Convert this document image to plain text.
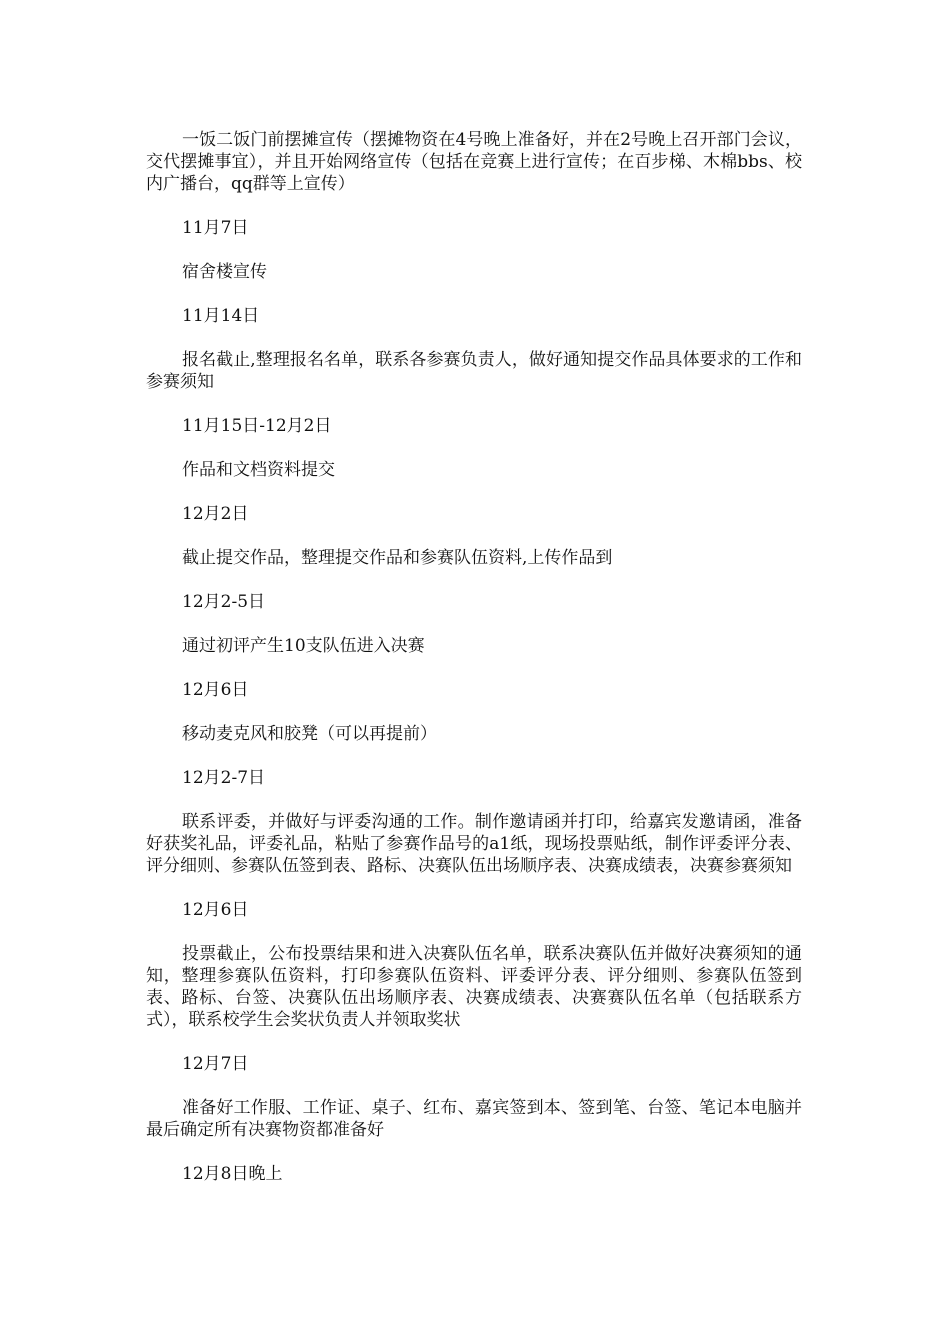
一饭二饭门前摆摊宣传（摆摊物资在4号晚上准备好，并在2号晚上召开部门会议，交代摆摊事宜），并且开始网络宣传（包括在竞赛上进行宣传；在百步梯、木棉bbs、校内广播台，qq群等上宣传）

11月7日

宿舍楼宣传

11月14日

报名截止,整理报名名单，联系各参赛负责人，做好通知提交作品具体要求的工作和参赛须知

11月15日-12月2日

作品和文档资料提交

12月2日

截止提交作品，整理提交作品和参赛队伍资料,上传作品到

12月2-5日

通过初评产生10支队伍进入决赛

12月6日

移动麦克风和胶凳（可以再提前）

12月2-7日

联系评委，并做好与评委沟通的工作。制作邀请函并打印，给嘉宾发邀请函，准备好获奖礼品，评委礼品，粘贴了参赛作品号的a1纸，现场投票贴纸，制作评委评分表、评分细则、参赛队伍签到表、路标、决赛队伍出场顺序表、决赛成绩表，决赛参赛须知

12月6日

投票截止，公布投票结果和进入决赛队伍名单，联系决赛队伍并做好决赛须知的通知，整理参赛队伍资料，打印参赛队伍资料、评委评分表、评分细则、参赛队伍签到表、路标、台签、决赛队伍出场顺序表、决赛成绩表、决赛赛队伍名单（包括联系方式），联系校学生会奖状负责人并领取奖状

12月7日

准备好工作服、工作证、桌子、红布、嘉宾签到本、签到笔、台签、笔记本电脑并最后确定所有决赛物资都准备好

12月8日晚上
